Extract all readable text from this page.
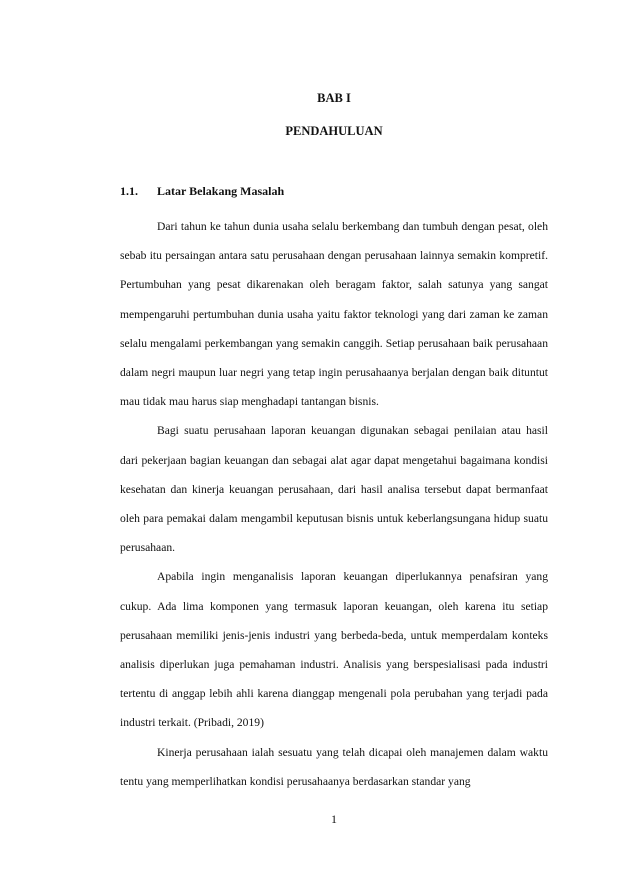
BAB I
PENDAHULUAN
1.1. Latar Belakang Masalah

Dari tahun ke tahun dunia usaha selalu berkembang dan tumbuh dengan pesat, oleh sebab itu persaingan antara satu perusahaan dengan perusahaan lainnya semakin kompretif. Pertumbuhan yang pesat dikarenakan oleh beragam faktor, salah satunya yang sangat mempengaruhi pertumbuhan dunia usaha yaitu faktor teknologi yang dari zaman ke zaman selalu mengalami perkembangan yang semakin canggih. Setiap perusahaan baik perusahaan dalam negri maupun luar negri yang tetap ingin perusahaanya berjalan dengan baik dituntut mau tidak mau harus siap menghadapi tantangan bisnis.

Bagi suatu perusahaan laporan keuangan digunakan sebagai penilaian atau hasil dari pekerjaan bagian keuangan dan sebagai alat agar dapat mengetahui bagaimana kondisi kesehatan dan kinerja keuangan perusahaan, dari hasil analisa tersebut dapat bermanfaat oleh para pemakai dalam mengambil keputusan bisnis untuk keberlangsungana hidup suatu perusahaan.

Apabila ingin menganalisis laporan keuangan diperlukannya penafsiran yang cukup. Ada lima komponen yang termasuk laporan keuangan, oleh karena itu setiap perusahaan memiliki jenis-jenis industri yang berbeda-beda, untuk memperdalam konteks analisis diperlukan juga pemahaman industri. Analisis yang berspesialisasi pada industri tertentu di anggap lebih ahli karena dianggap mengenali pola perubahan yang terjadi pada industri terkait. (Pribadi, 2019)

Kinerja perusahaan ialah sesuatu yang telah dicapai oleh manajemen dalam waktu tentu yang memperlihatkan kondisi perusahaanya berdasarkan standar yang

1
